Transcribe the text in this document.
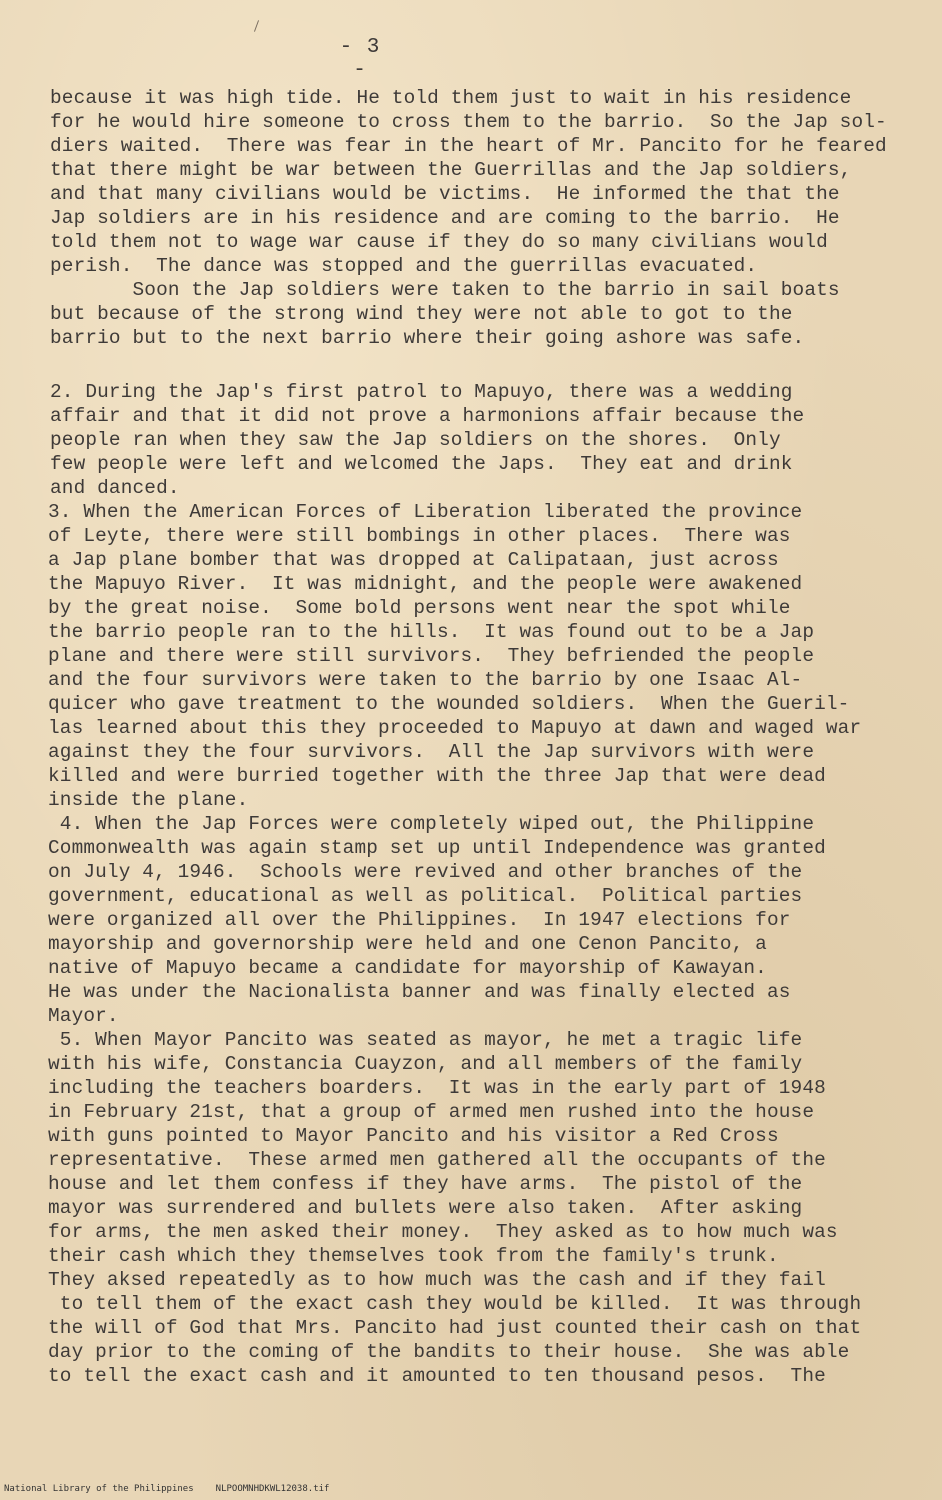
- 3 -
because it was high tide. He told them just to wait in his residence
for he would hire someone to cross them to the barrio.  So the Jap sol-
diers waited.  There was fear in the heart of Mr. Pancito for he feared
that there might be war between the Guerrillas and the Jap soldiers,
and that many civilians would be victims.  He informed the that the
Jap soldiers are in his residence and are coming to the barrio.  He
told them not to wage war cause if they do so many civilians would
perish.  The dance was stopped and the guerrillas evacuated.
Soon the Jap soldiers were taken to the barrio in sail boats
but because of the strong wind they were not able to got to the
barrio but to the next barrio where their going ashore was safe.
2. During the Jap's first patrol to Mapuyo, there was a wedding
affair and that it did not prove a harmonions affair because the
people ran when they saw the Jap soldiers on the shores.  Only
few people were left and welcomed the Japs.  They eat and drink
and danced.
3. When the American Forces of Liberation liberated the province
of Leyte, there were still bombings in other places.  There was
a Jap plane bomber that was dropped at Calipataan, just across
the Mapuyo River.  It was midnight, and the people were awakened
by the great noise.  Some bold persons went near the spot while
the barrio people ran to the hills.  It was found out to be a Jap
plane and there were still survivors.  They befriended the people
and the four survivors were taken to the barrio by one Isaac Al-
quicer who gave treatment to the wounded soldiers.  When the Gueril-
las learned about this they proceeded to Mapuyo at dawn and waged war
against they the four survivors.  All the Jap survivors with were
killed and were burried together with the three Jap that were dead
inside the plane.
4. When the Jap Forces were completely wiped out, the Philippine
Commonwealth was again stamp set up until Independence was granted
on July 4, 1946.  Schools were revived and other branches of the
government, educational as well as political.  Political parties
were organized all over the Philippines.  In 1947 elections for
mayorship and governorship were held and one Cenon Pancito, a
native of Mapuyo became a candidate for mayorship of Kawayan.
He was under the Nacionalista banner and was finally elected as
Mayor.
5. When Mayor Pancito was seated as mayor, he met a tragic life
with his wife, Constancia Cuayzon, and all members of the family
including the teachers boarders.  It was in the early part of 1948
in February 21st, that a group of armed men rushed into the house
with guns pointed to Mayor Pancito and his visitor a Red Cross
representative.  These armed men gathered all the occupants of the
house and let them confess if they have arms.  The pistol of the
mayor was surrendered and bullets were also taken.  After asking
for arms, the men asked their money.  They asked as to how much was
their cash which they themselves took from the family's trunk.
They aksed repeatedly as to how much was the cash and if they fail
to tell them of the exact cash they would be killed.  It was through
the will of God that Mrs. Pancito had just counted their cash on that
day prior to the coming of the bandits to their house.  She was able
to tell the exact cash and it amounted to ten thousand pesos.  The
National Library of the Philippines NLPOOMNHDKWL12038.tif
